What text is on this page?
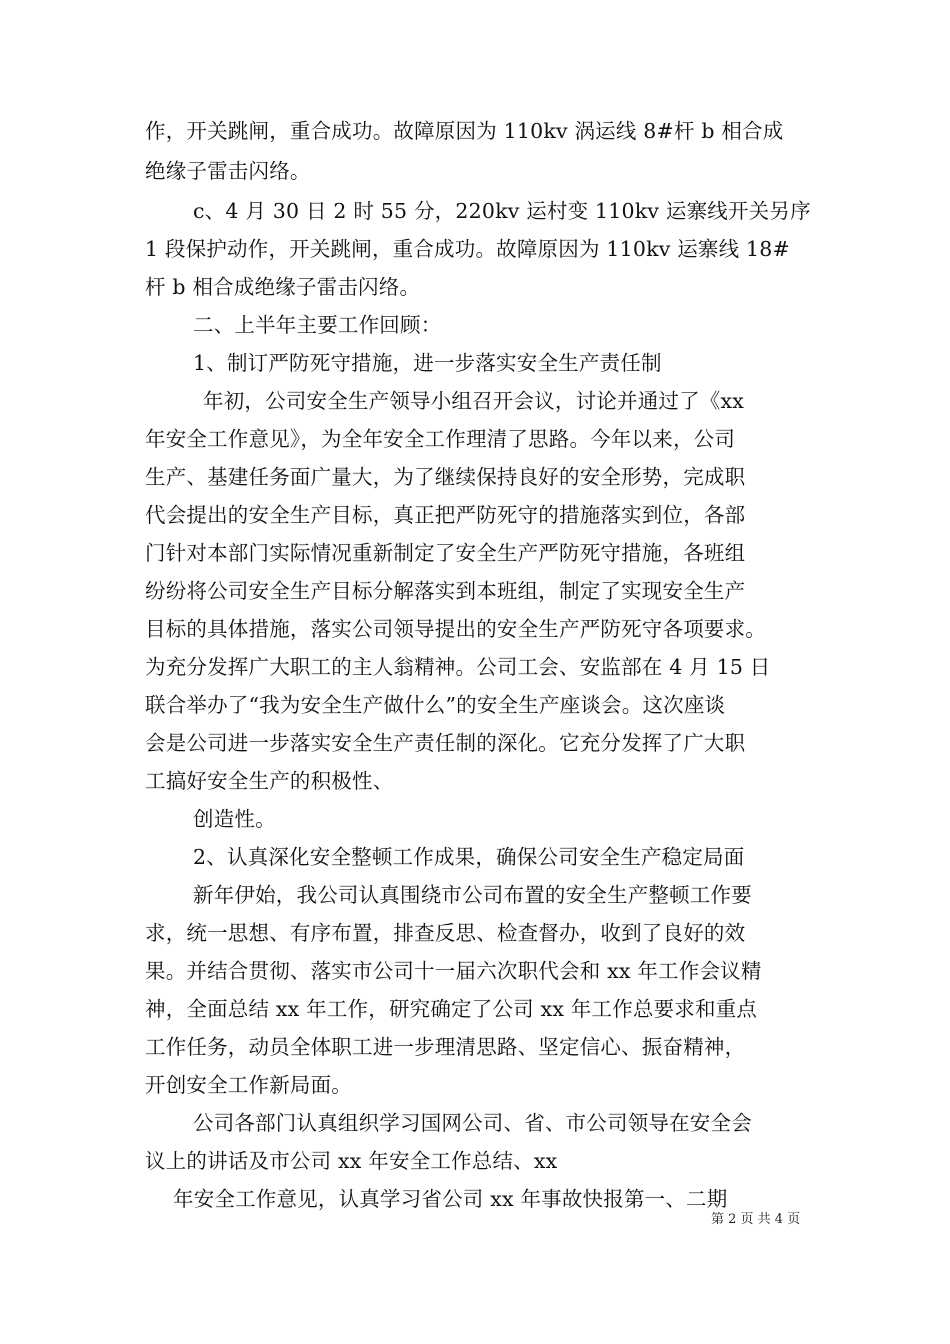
作，开关跳闸，重合成功。故障原因为 110kv 涡运线 8#杆 b 相合成
绝缘子雷击闪络。
c、4 月 30 日 2 时 55 分，220kv 运村变 110kv 运寨线开关另序
1 段保护动作，开关跳闸，重合成功。故障原因为 110kv 运寨线 18#
杆 b 相合成绝缘子雷击闪络。
二、上半年主要工作回顾：
1、制订严防死守措施，进一步落实安全生产责任制
年初，公司安全生产领导小组召开会议，讨论并通过了《xx
年安全工作意见》，为全年安全工作理清了思路。今年以来，公司
生产、基建任务面广量大，为了继续保持良好的安全形势，完成职
代会提出的安全生产目标，真正把严防死守的措施落实到位，各部
门针对本部门实际情况重新制定了安全生产严防死守措施，各班组
纷纷将公司安全生产目标分解落实到本班组，制定了实现安全生产
目标的具体措施，落实公司领导提出的安全生产严防死守各项要求。
为充分发挥广大职工的主人翁精神。公司工会、安监部在 4 月 15 日
联合举办了“我为安全生产做什么”的安全生产座谈会。这次座谈
会是公司进一步落实安全生产责任制的深化。它充分发挥了广大职
工搞好安全生产的积极性、
创造性。
2、认真深化安全整顿工作成果，确保公司安全生产稳定局面
新年伊始，我公司认真围绕市公司布置的安全生产整顿工作要
求，统一思想、有序布置，排查反思、检查督办，收到了良好的效
果。并结合贯彻、落实市公司十一届六次职代会和 xx 年工作会议精
神，全面总结 xx 年工作，研究确定了公司 xx 年工作总要求和重点
工作任务，动员全体职工进一步理清思路、坚定信心、振奋精神，
开创安全工作新局面。
公司各部门认真组织学习国网公司、省、市公司领导在安全会
议上的讲话及市公司 xx 年安全工作总结、xx
年安全工作意见，认真学习省公司 xx 年事故快报第一、二期
第 2 页 共 4 页
